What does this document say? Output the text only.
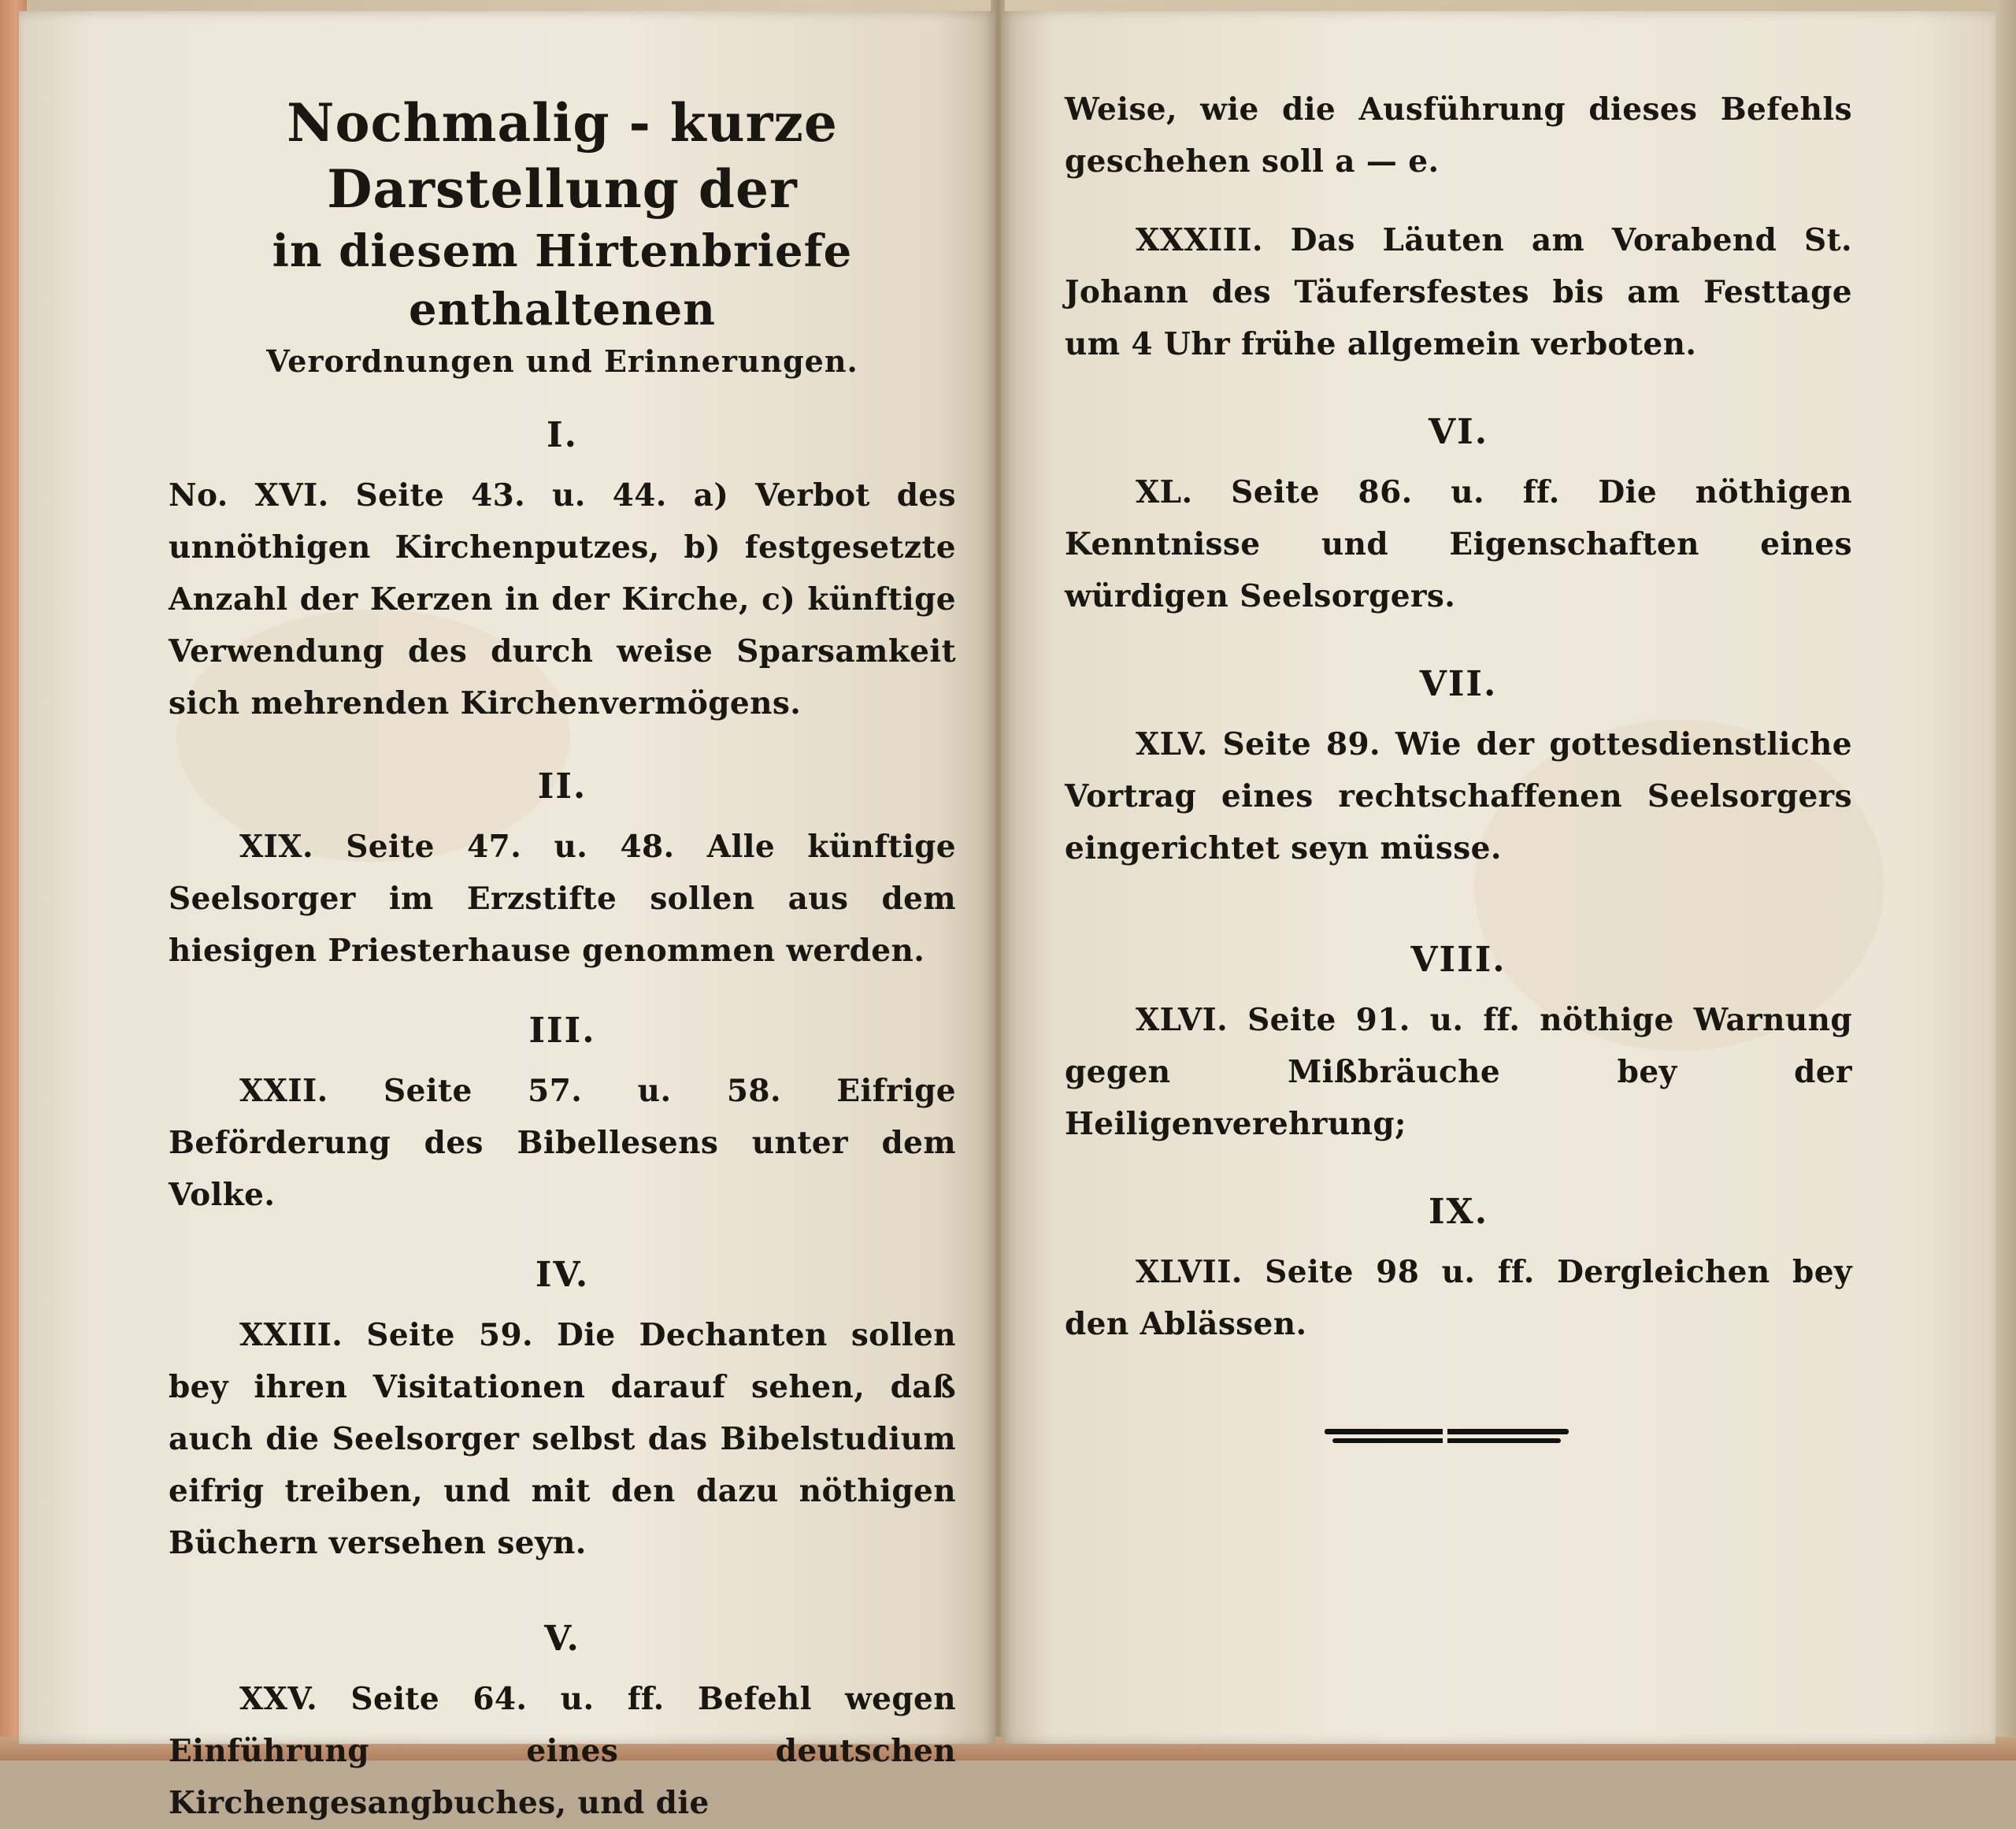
Nochmalig - kurze Darstellung der
in diesem Hirtenbriefe enthaltenen
Verordnungen und Erinnerungen.
I.
No. XVI. Seite 43. u. 44. a) Verbot des unnöthigen Kirchenputzes, b) festgesetzte Anzahl der Kerzen in der Kirche, c) künftige Verwendung des durch weise Sparsamkeit sich mehrenden Kirchenvermögens.
II.
XIX. Seite 47. u. 48. Alle künftige Seelsorger im Erzstifte sollen aus dem hiesigen Priesterhause genommen werden.
III.
XXII. Seite 57. u. 58. Eifrige Beförderung des Bibellesens unter dem Volke.
IV.
XXIII. Seite 59. Die Dechanten sollen bey ihren Visitationen darauf sehen, daß auch die Seelsorger selbst das Bibelstudium eifrig treiben, und mit den dazu nöthigen Büchern versehen seyn.
V.
XXV. Seite 64. u. ff. Befehl wegen Einführung eines deutschen Kirchengesangbuches, und die
Weise, wie die Ausführung dieses Befehls geschehen soll a — e.
XXXIII. Das Läuten am Vorabend St. Johann des Täufersfestes bis am Festtage um 4 Uhr frühe allgemein verboten.
VI.
XL. Seite 86. u. ff. Die nöthigen Kenntnisse und Eigenschaften eines würdigen Seelsorgers.
VII.
XLV. Seite 89. Wie der gottesdienstliche Vortrag eines rechtschaffenen Seelsorgers eingerichtet seyn müsse.
VIII.
XLVI. Seite 91. u. ff. nöthige Warnung gegen Mißbräuche bey der Heiligenverehrung;
IX.
XLVII. Seite 98 u. ff. Dergleichen bey den Ablässen.
